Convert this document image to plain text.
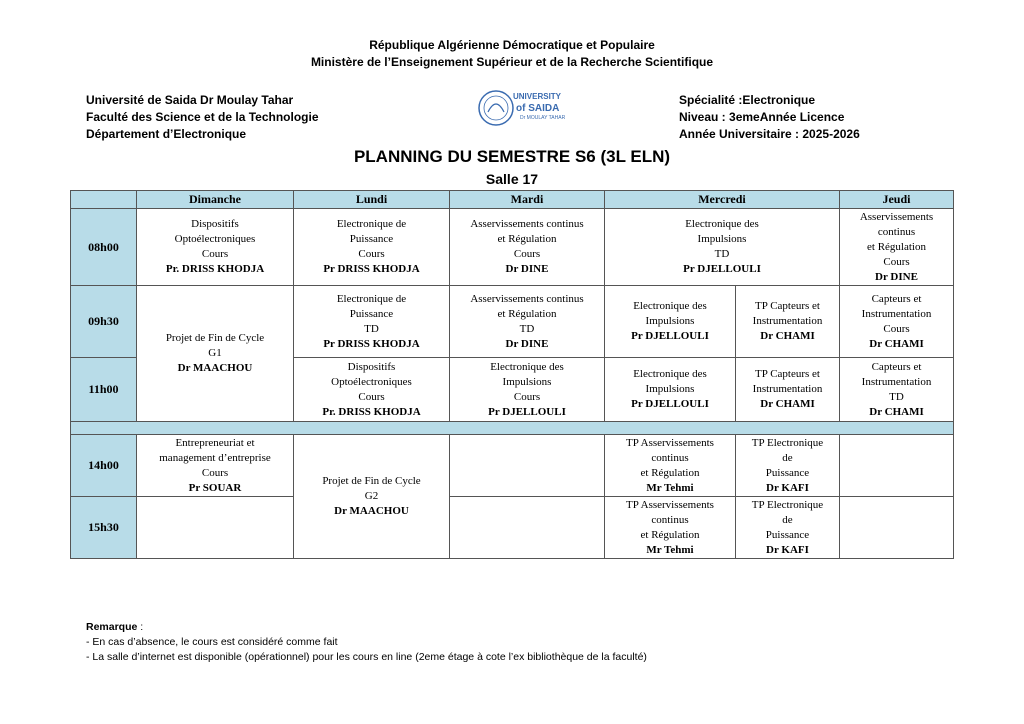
République Algérienne Démocratique et Populaire
Ministère de l’Enseignement Supérieur et de la Recherche Scientifique
Université de Saida Dr Moulay Tahar
Faculté des Science et de la Technologie
Département d’Electronique
UNIVERSITY
of SAIDA
Dr MOULAY TAHAR
Spécialité :Electronique
Niveau : 3emeAnnée Licence
Année Universitaire : 2025-2026
PLANNING DU SEMESTRE S6 (3L ELN)
Salle 17
	Dimanche	Lundi	Mardi	Mercredi		Jeudi
08h00	Dispositifs
Optoélectroniques
Cours
Pr. DRISS KHODJA	Electronique de
Puissance
Cours
Pr DRISS KHODJA	Asservissements continus
et Régulation
Cours
Dr DINE	Electronique des
Impulsions
TD
Pr DJELLOULI		Asservissements
continus
et Régulation
Cours
Dr DINE

09h30	Projet de Fin de Cycle
G1
Dr MAACHOU	Electronique de
Puissance
TD
Pr DRISS KHODJA	Asservissements continus
et Régulation
TD
Dr DINE	Electronique des
Impulsions
Pr DJELLOULI	TP Capteurs et
Instrumentation
Dr CHAMI	Capteurs et
Instrumentation
Cours
Dr CHAMI

11h00		Dispositifs
Optoélectroniques
Cours
Pr. DRISS KHODJA	Electronique des
Impulsions
Cours
Pr DJELLOULI	Electronique des
Impulsions
Pr DJELLOULI	TP Capteurs et
Instrumentation
Dr CHAMI	Capteurs et
Instrumentation
TD
Dr CHAMI

14h00	Entrepreneuriat et
management d’entreprise
Cours
Pr SOUAR	Projet de Fin de Cycle
G2
Dr MAACHOU		TP Asservissements
continus
et Régulation
Mr Tehmi	TP Electronique
de
Puissance
Dr KAFI	

15h30				TP Asservissements
continus
et Régulation
Mr Tehmi	TP Electronique
de
Puissance
Dr KAFI	

Remarque :
- En cas d’absence, le cours est considéré comme fait
- La salle d’internet est disponible (opérationnel) pour les cours en line (2eme étage à cote l’ex bibliothèque de la faculté)
